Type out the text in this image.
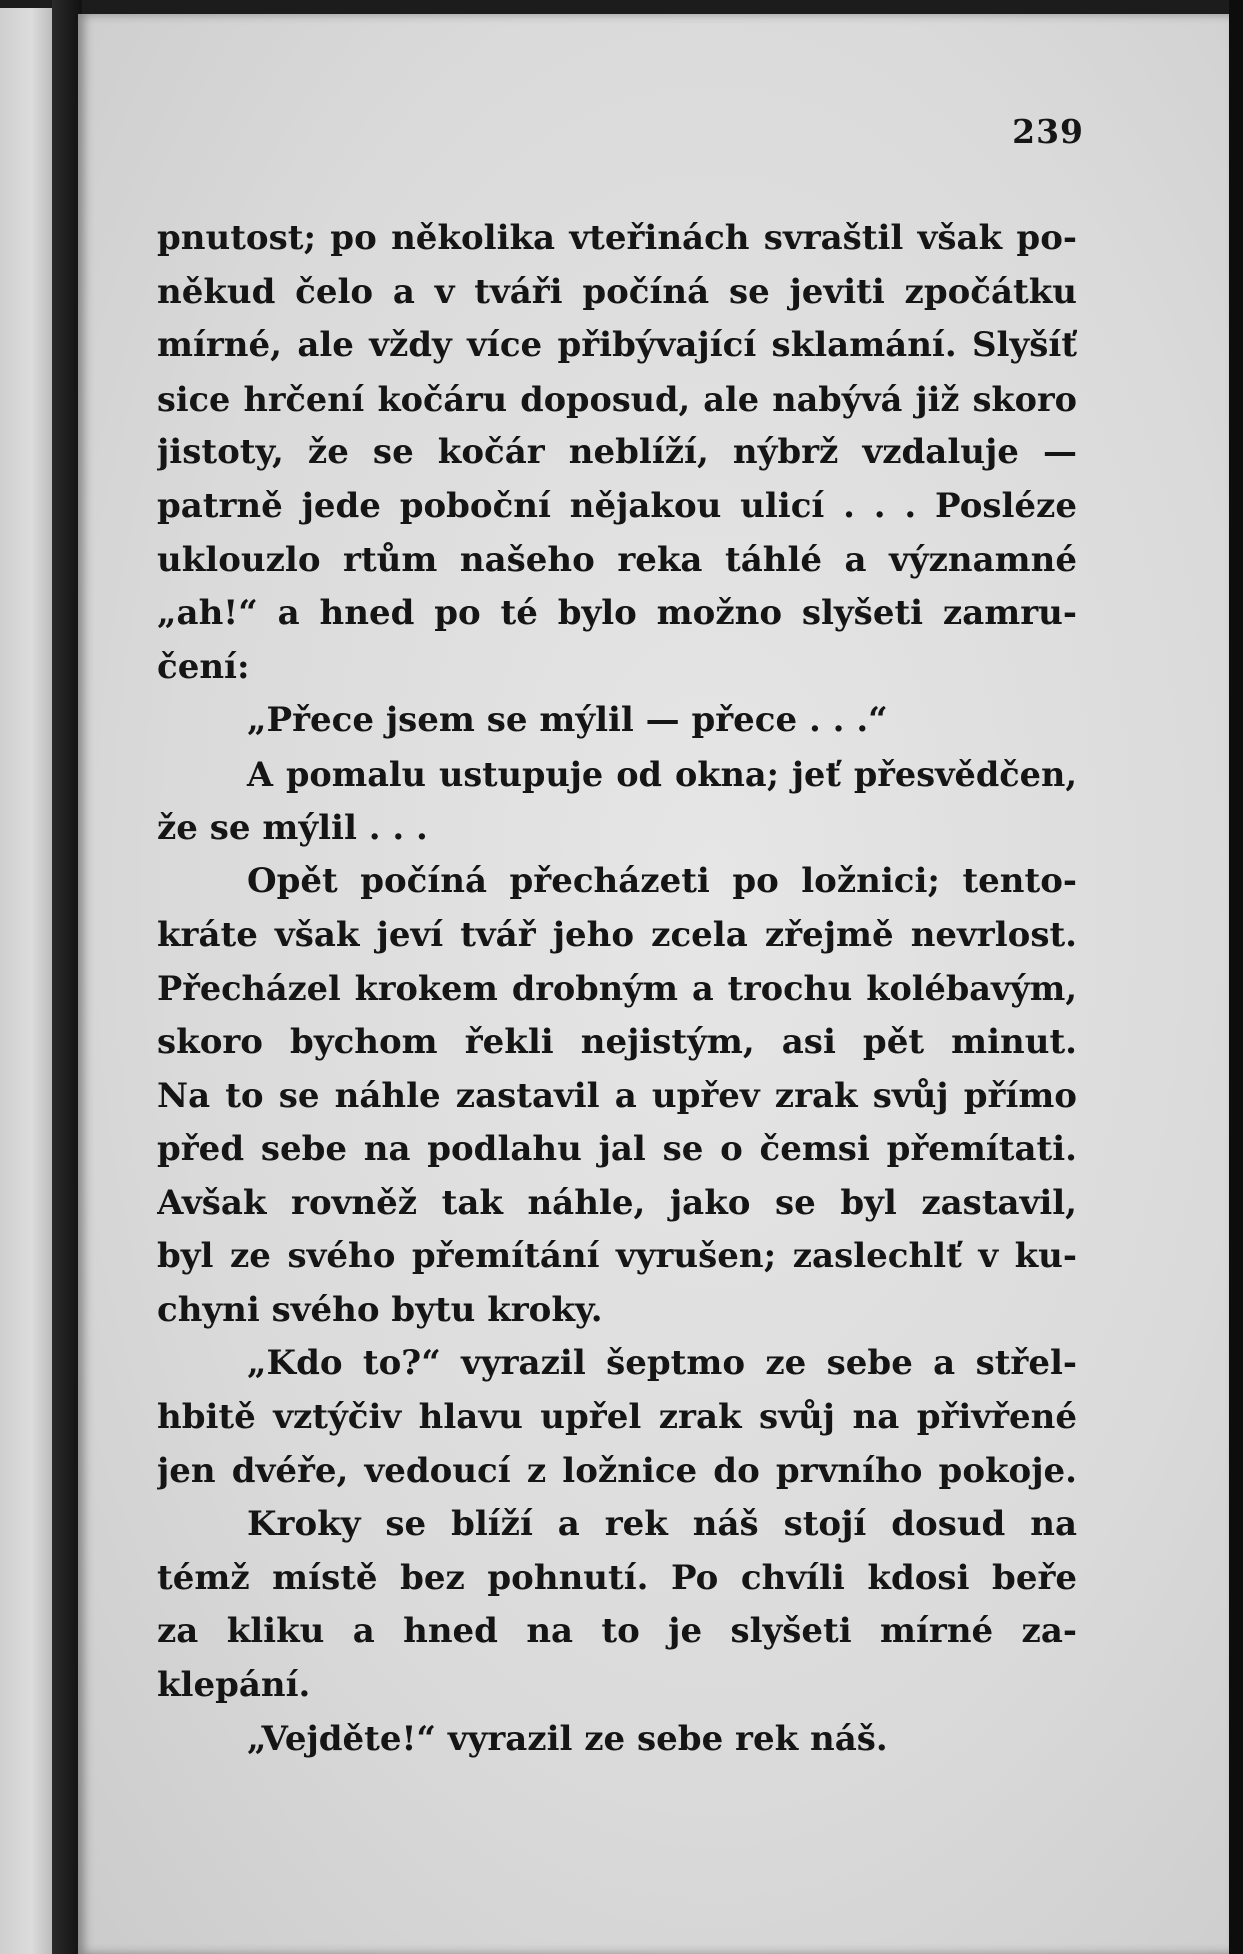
239
pnutost; po několika vteřinách svraštil však po-
někud čelo a v tváři počíná se jeviti zpočátku
mírné, ale vždy více přibývající sklamání. Slyšíť
sice hrčení kočáru doposud, ale nabývá již skoro
jistoty, že se kočár neblíží, nýbrž vzdaluje —
patrně jede poboční nějakou ulicí . . . Posléze
uklouzlo rtům našeho reka táhlé a významné
„ah!“ a hned po té bylo možno slyšeti zamru-
čení:
„Přece jsem se mýlil — přece . . .“
A pomalu ustupuje od okna; jeť přesvědčen,
že se mýlil . . .
Opět počíná přecházeti po ložnici; tento-
kráte však jeví tvář jeho zcela zřejmě nevrlost.
Přecházel krokem drobným a trochu kolébavým,
skoro bychom řekli nejistým, asi pět minut.
Na to se náhle zastavil a upřev zrak svůj přímo
před sebe na podlahu jal se o čemsi přemítati.
Avšak rovněž tak náhle, jako se byl zastavil,
byl ze svého přemítání vyrušen; zaslechlť v ku-
chyni svého bytu kroky.
„Kdo to?“ vyrazil šeptmo ze sebe a střel-
hbitě vztýčiv hlavu upřel zrak svůj na přivřené
jen dvéře, vedoucí z ložnice do prvního pokoje.
Kroky se blíží a rek náš stojí dosud na
témž místě bez pohnutí. Po chvíli kdosi beře
za kliku a hned na to je slyšeti mírné za-
klepání.
„Vejděte!“ vyrazil ze sebe rek náš.
